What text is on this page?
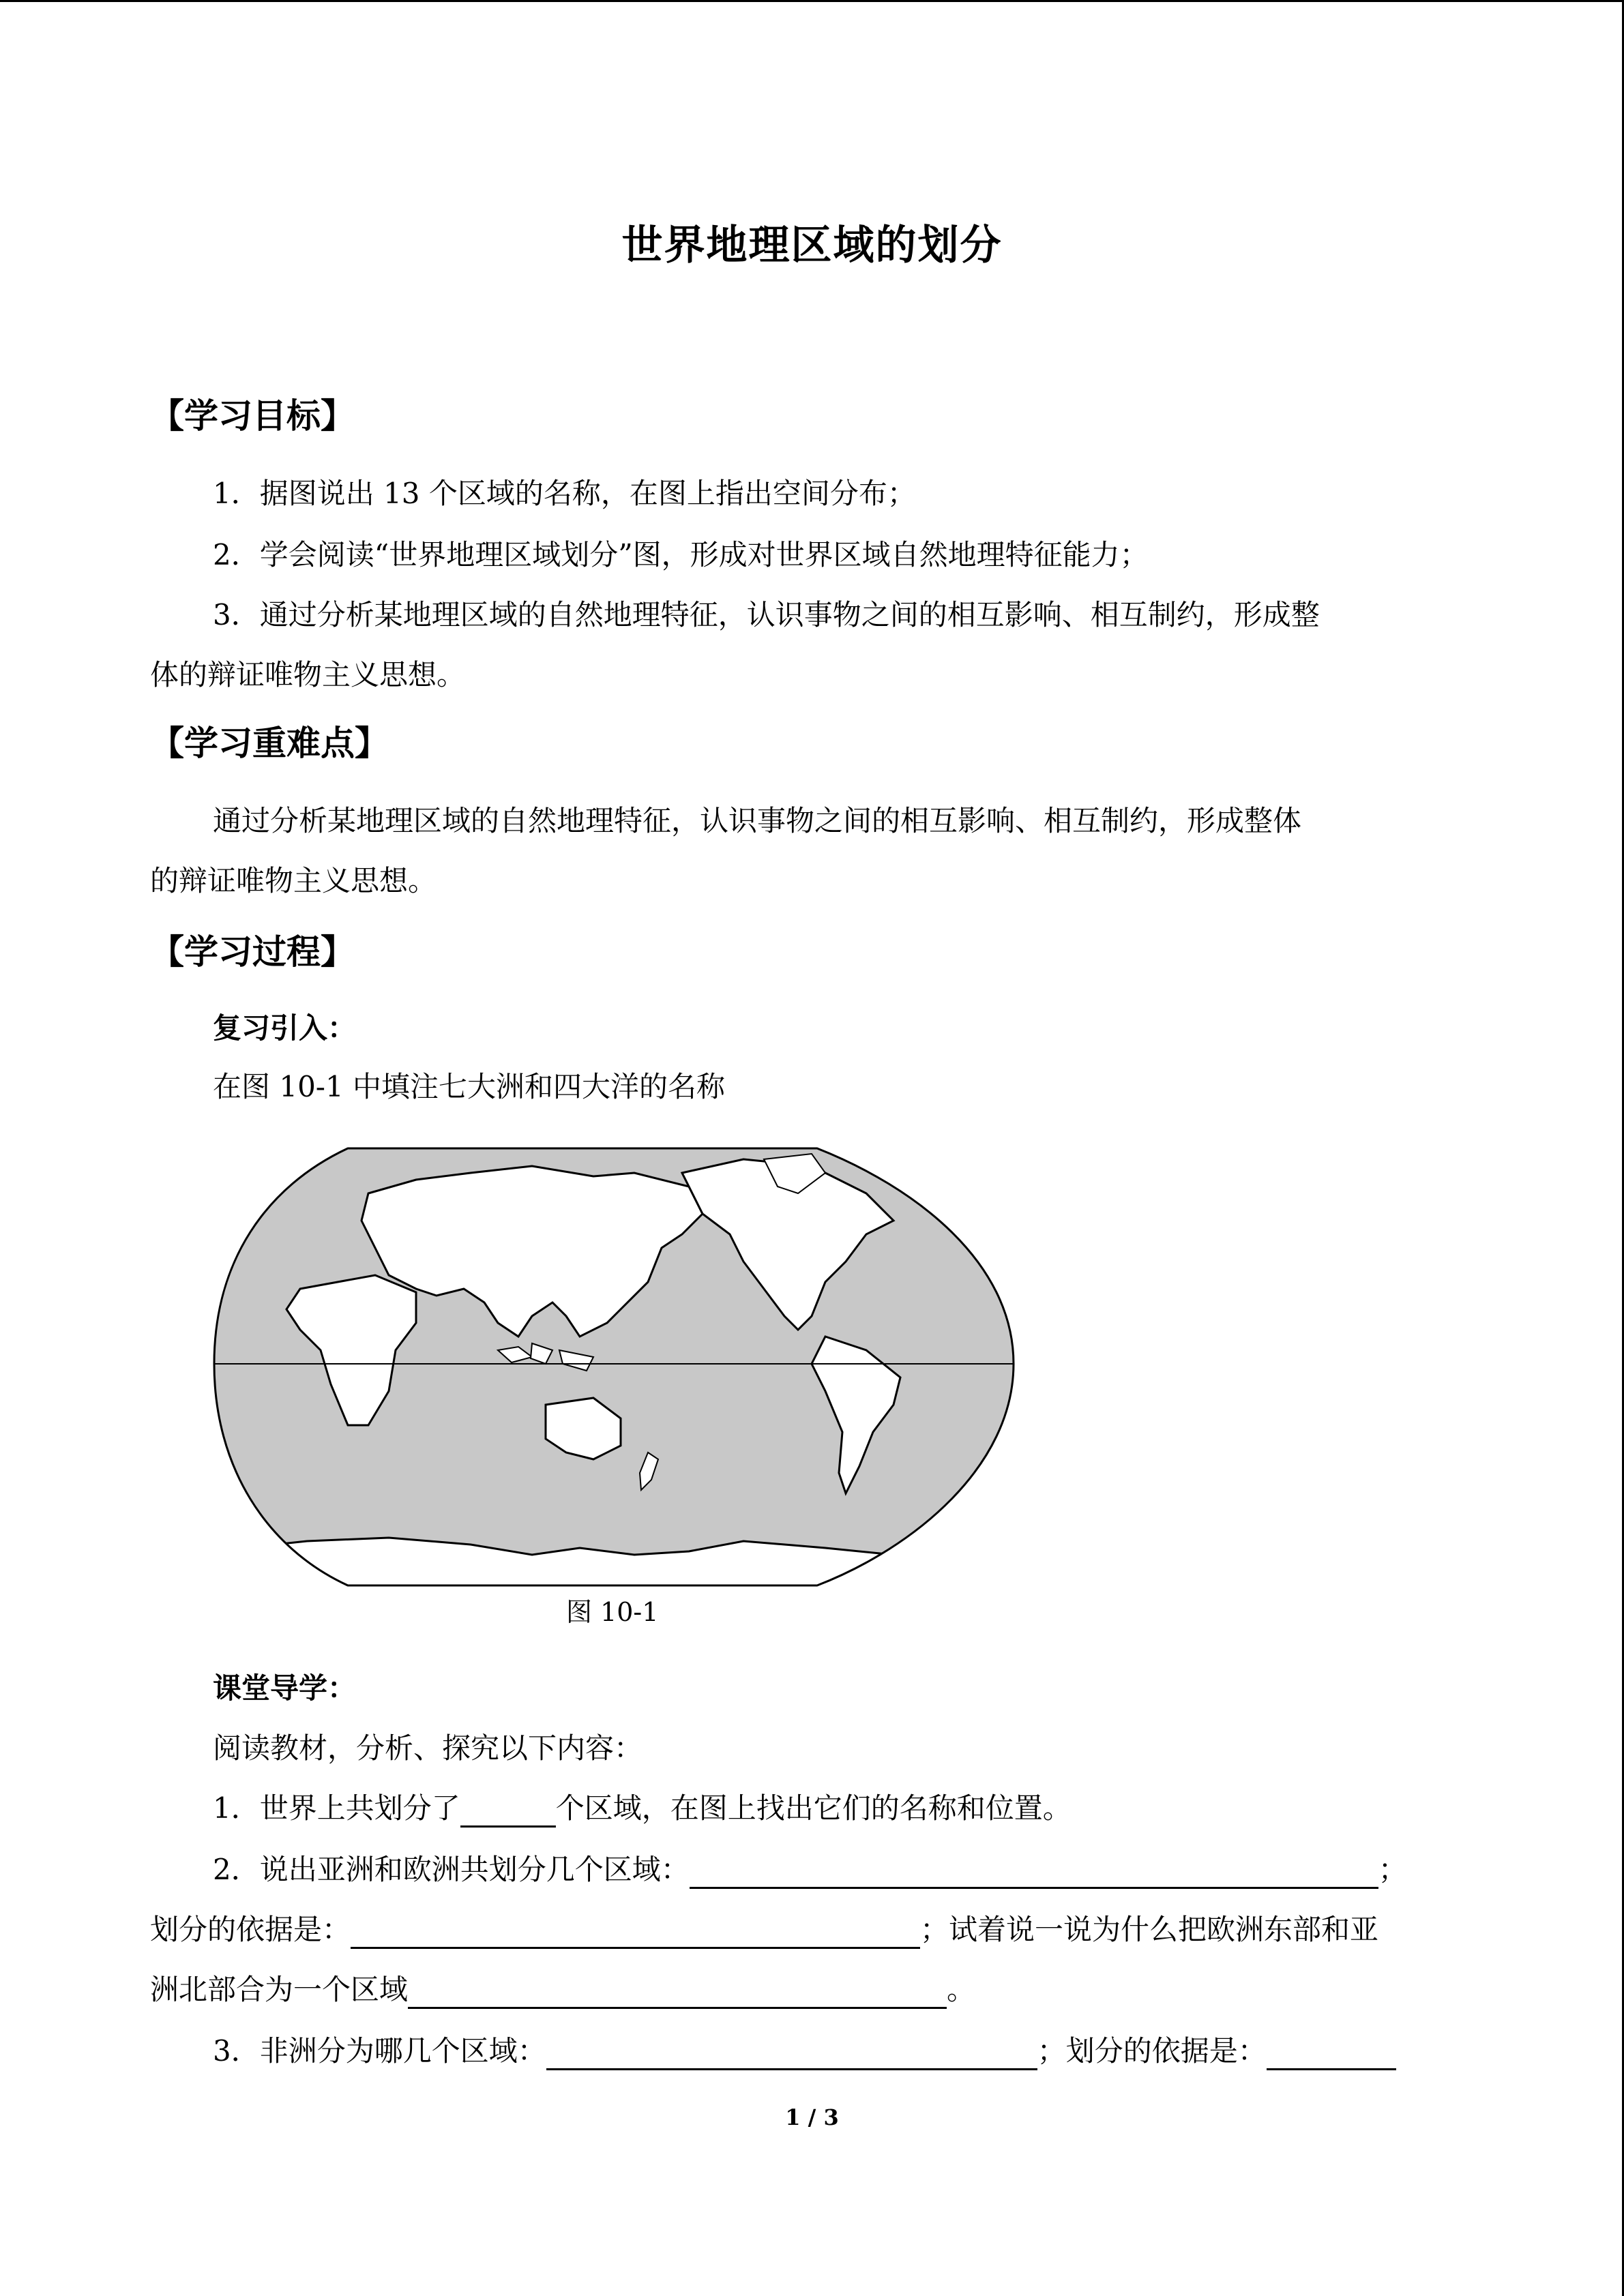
世界地理区域的划分
【学习目标】
1．据图说出 13 个区域的名称，在图上指出空间分布；
2．学会阅读“世界地理区域划分”图，形成对世界区域自然地理特征能力；
3．通过分析某地理区域的自然地理特征，认识事物之间的相互影响、相互制约，形成整
体的辩证唯物主义思想。
【学习重难点】
通过分析某地理区域的自然地理特征，认识事物之间的相互影响、相互制约，形成整体
的辩证唯物主义思想。
【学习过程】
复习引入：
在图 10-1 中填注七大洲和四大洋的名称
图 10-1
课堂导学：
阅读教材，分析、探究以下内容：
1．世界上共划分了	个区域，在图上找出它们的名称和位置。
2．说出亚洲和欧洲共划分几个区域：	；
划分的依据是：	；试着说一说为什么把欧洲东部和亚
洲北部合为一个区域	。
3．非洲分为哪几个区域：	；划分的依据是：
1 / 3
